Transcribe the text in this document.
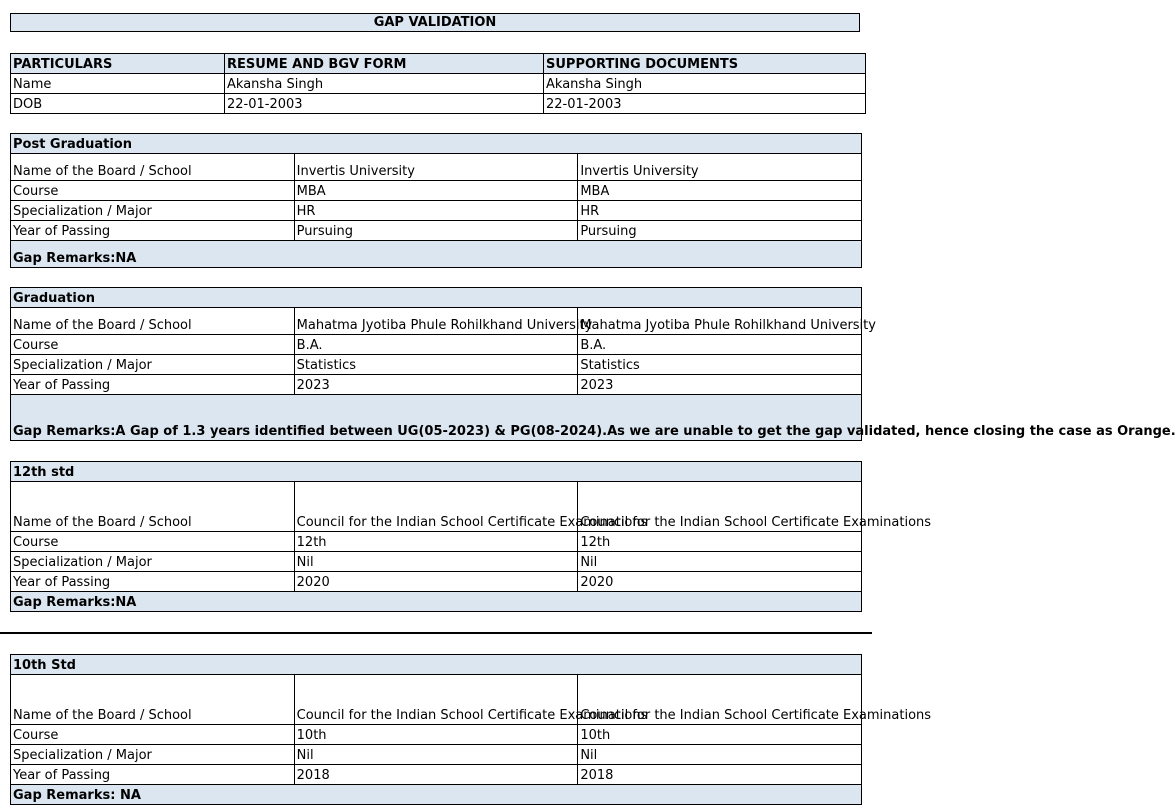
GAP VALIDATION
PARTICULARS	RESUME AND BGV FORM	SUPPORTING DOCUMENTS
Name	Akansha Singh	Akansha Singh
DOB	22-01-2003	22-01-2003
Post Graduation		
Name of the Board / School	Invertis University	Invertis University
Course	MBA	MBA
Specialization / Major	HR	HR
Year of Passing	Pursuing	Pursuing
Gap Remarks:NA		
Graduation		
Name of the Board / School	Mahatma Jyotiba Phule Rohilkhand University	Mahatma Jyotiba Phule Rohilkhand University
Course	B.A.	B.A.
Specialization / Major	Statistics	Statistics
Year of Passing	2023	2023
Gap Remarks:A Gap of 1.3 years identified between UG(05-2023) & PG(08-2024).As we are unable to get the gap validated, hence closing the case as Orange.		
12th std		
Name of the Board / School	Council for the Indian School Certificate Examinations	Council for the Indian School Certificate Examinations
Course	12th	12th
Specialization / Major	Nil	Nil
Year of Passing	2020	2020
Gap Remarks:NA		
10th Std		
Name of the Board / School	Council for the Indian School Certificate Examinations	Council for the Indian School Certificate Examinations
Course	10th	10th
Specialization / Major	Nil	Nil
Year of Passing	2018	2018
Gap Remarks: NA		
